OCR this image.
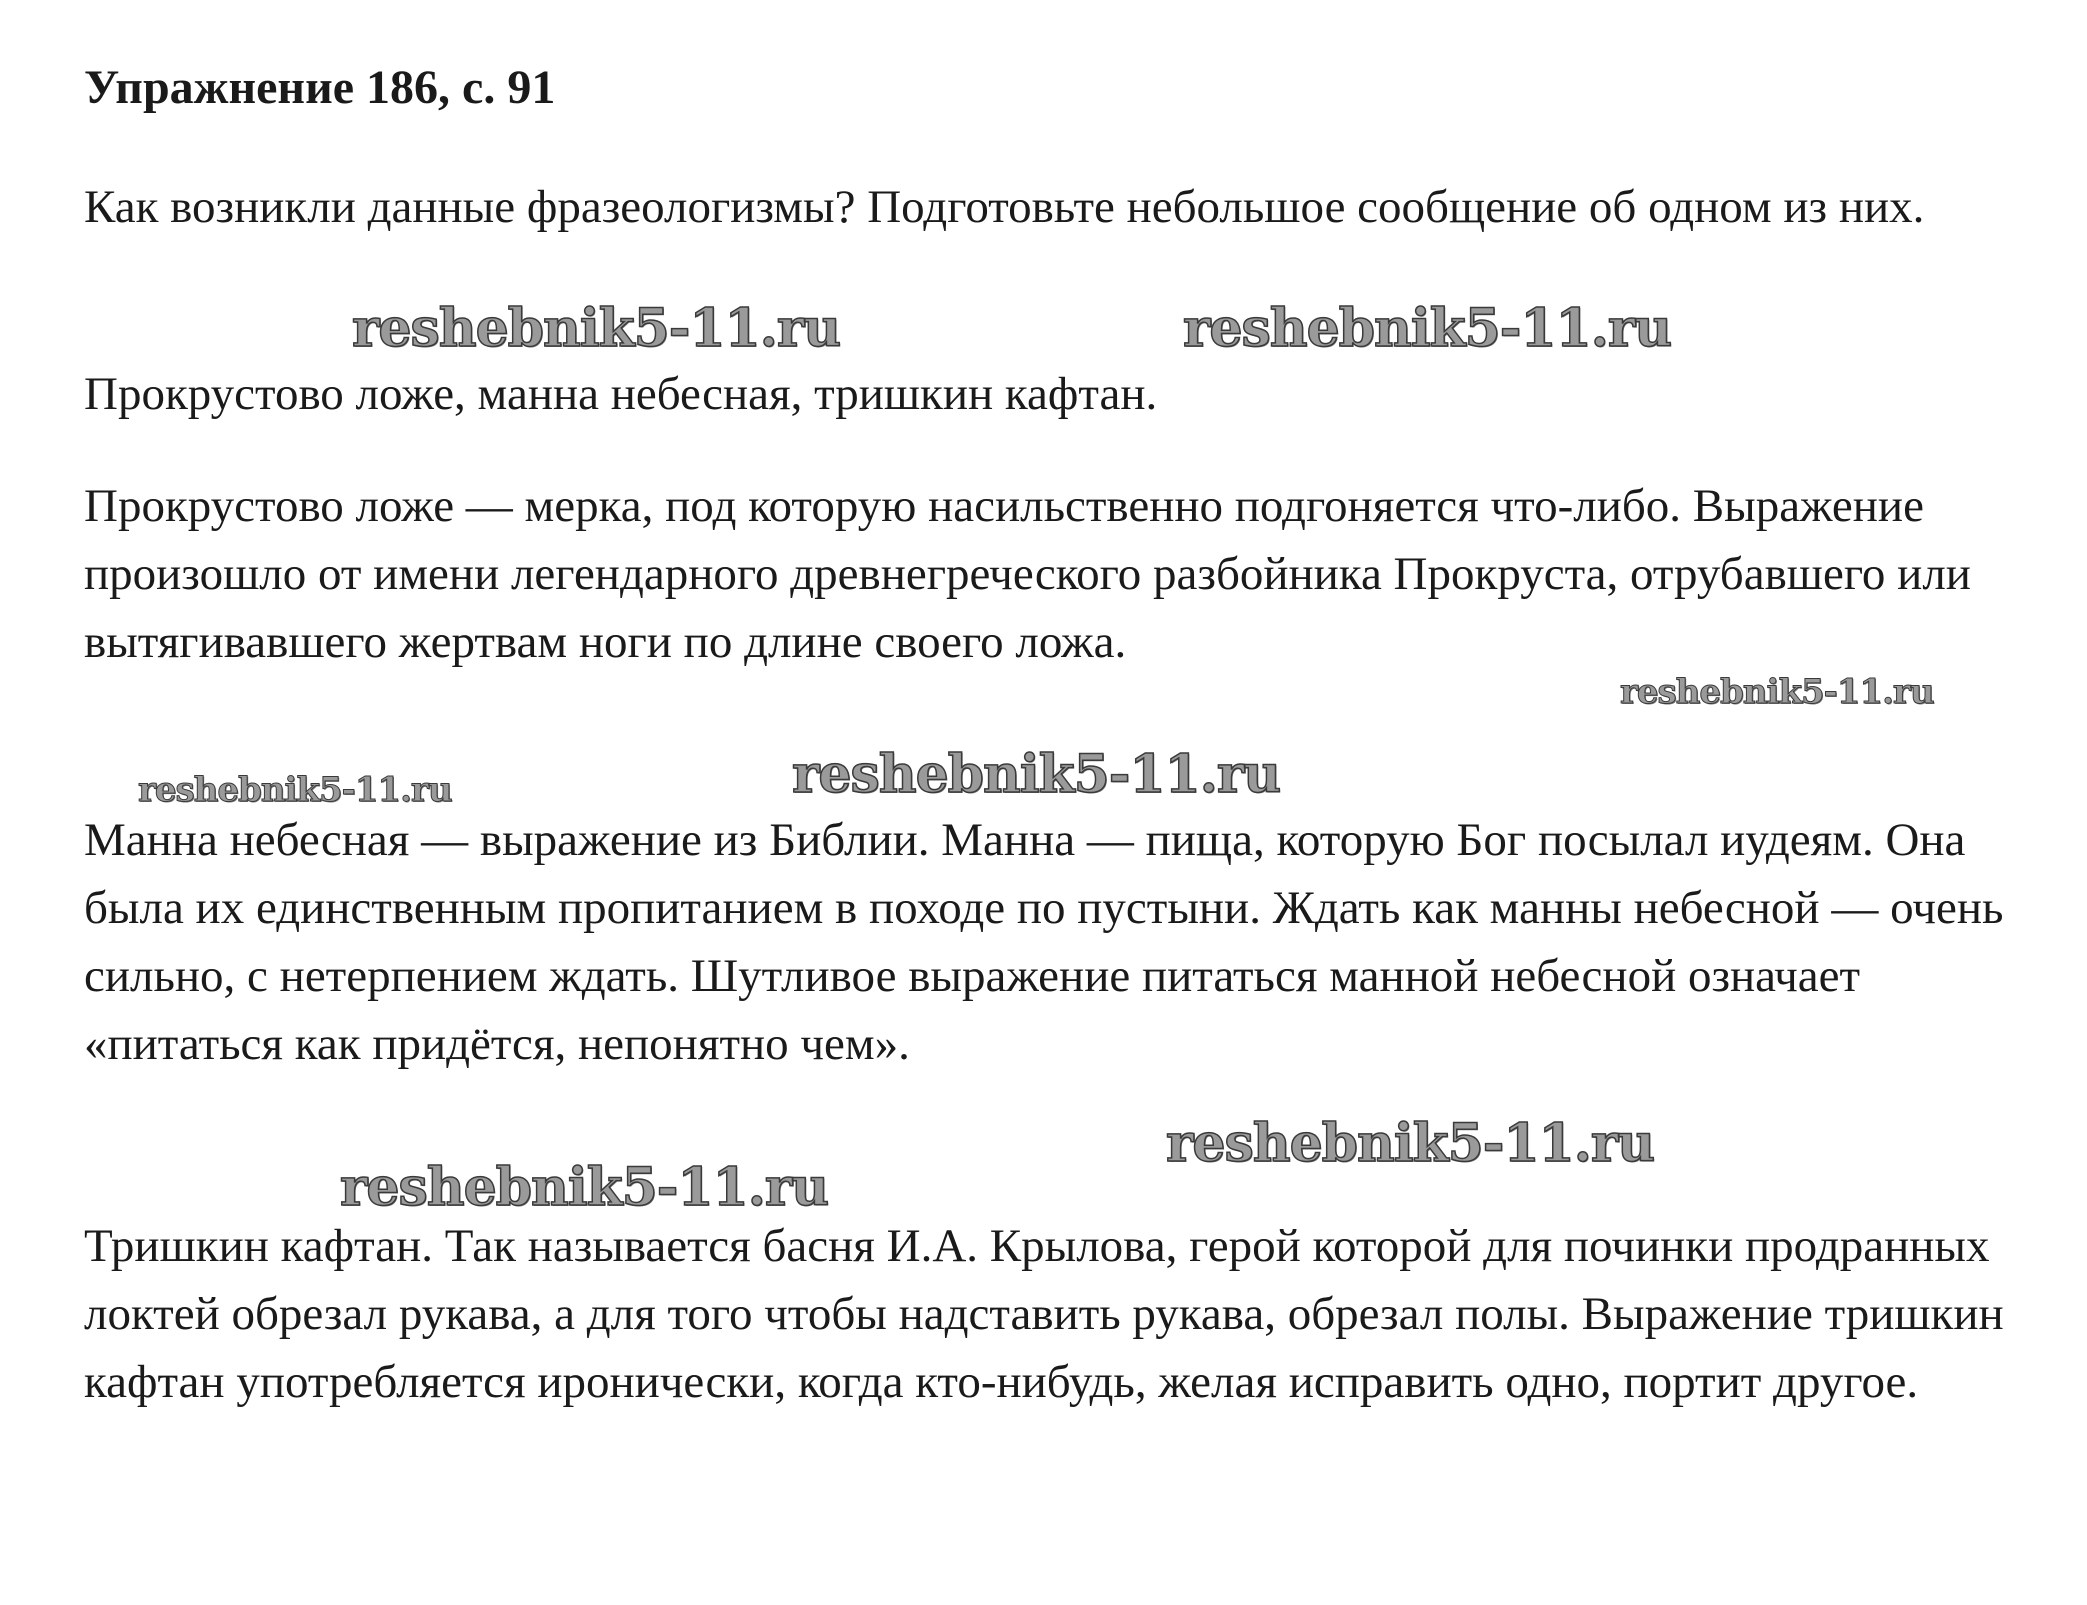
Упражнение 186, с. 91

Как возникли данные фразеологизмы? Подготовьте небольшое сообщение об одном из них.

Прокрустово ложе, манна небесная, тришкин кафтан.

Прокрустово ложе — мерка, под которую насильственно подгоняется что-либо. Выражение произошло от имени легендарного древнегреческого разбойника Прокруста, отрубавшего или вытягивавшего жертвам ноги по длине своего ложа.

Манна небесная — выражение из Библии. Манна — пища, которую Бог посылал иудеям. Она была их единственным пропитанием в походе по пустыни. Ждать как манны небесной — очень сильно, с нетерпением ждать. Шутливое выражение питаться манной небесной означает «питаться как придётся, непонятно чем».

Тришкин кафтан. Так называется басня И.А. Крылова, герой которой для починки продранных локтей обрезал рукава, а для того чтобы надставить рукава, обрезал полы. Выражение тришкин кафтан употребляется иронически, когда кто-нибудь, желая исправить одно, портит другое.

reshebnik5-11.ru	reshebnik5-11.ru
reshebnik5-11.ru
reshebnik5-11.ru	reshebnik5-11.ru
reshebnik5-11.ru
reshebnik5-11.ru
